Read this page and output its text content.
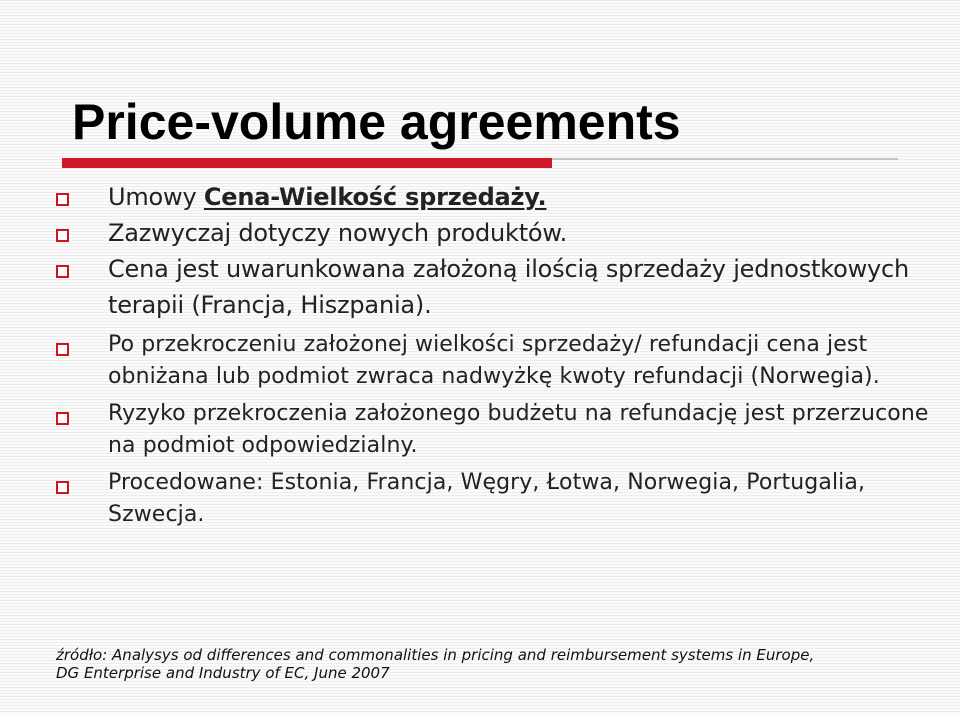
Price-volume agreements
Umowy Cena-Wielkość sprzedaży.
Zazwyczaj dotyczy nowych produktów.
Cena jest uwarunkowana założoną ilością sprzedaży jednostkowych terapii (Francja, Hiszpania).
Po przekroczeniu założonej wielkości sprzedaży/ refundacji cena jest obniżana lub podmiot zwraca nadwyżkę kwoty refundacji (Norwegia).
Ryzyko przekroczenia założonego budżetu na refundację jest przerzucone na podmiot odpowiedzialny.
Procedowane: Estonia, Francja, Węgry, Łotwa, Norwegia, Portugalia, Szwecja.

źródło: Analysys od differences and commonalities in pricing and reimbursement systems in Europe,
DG Enterprise and Industry of EC, June 2007
